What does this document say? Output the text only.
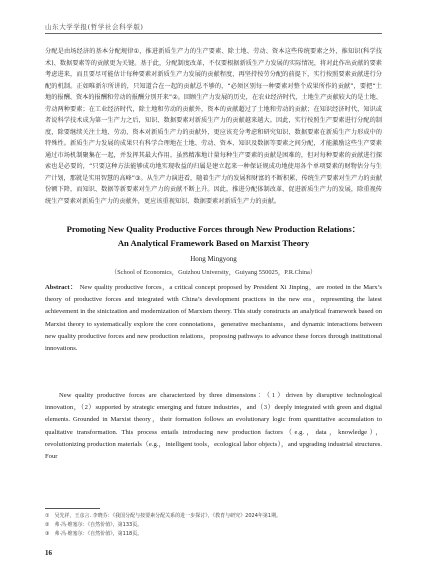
山东大学学报(哲学社会科学版)

分配是由场经济的基本分配规律①，推进新质生产力的生产要素、除土地、劳动、资本这些传统要素之外，推知识(科学技术)、数据要素等的贡献更为关键。基于此，分配制度改革，不仅要根据新质生产力发展的实际情况，将对此作出贡献的要素考虑进来，而且要尽可能估计每种要素对新质生产力发展的贡献程度，再坚持按劳分配的前提下，实行按照要素贡献进行分配的机制。正如唯新尔所讲的，只知道合在一起的贡献总不够的，“必须区别每一种要素对整个成果所作的贡献”，要把“土地的报酬、资本的报酬和劳动的报酬分别开来”②。回顾生产力发展的历史，在农业经济时代，土地生产贡献较大的是土地、劳动两种要素；在工业经济时代，除土地和劳动的贡献外，资本的贡献超过了土地和劳动的贡献；在知识经济时代，知识或者说科学技术成为第一生产力之后，知识、数据要素对新质生产力的贡献越来越大。因此，实行按照生产要素进行分配的制度，除要继续关注土地、劳动、资本对新质生产力的贡献外，更应该充分考虑和研究知识、数据要素在新质生产力形成中的特殊性。新质生产力发展的成果只有科学合理地在土地、劳动、资本、知识及数据等要素之间分配，才能激励这些生产要素通过市场机制聚集在一起，并发挥其最大作用。虽然精准地计量每种生产要素的贡献是困难的，但对每种要素的贡献进行探索也是必要的，“只要这种方法能够成功地实现收益的归属是建立起来一种保证规成功地使用各个单项要素的财物估分与生产计划，那就是实用智慧的高峰”③。从生产力演进看，随着生产力的发展和财富的不断积累，传统生产要素对生产力的贡献份额下降，而知识、数据等新要素对生产力的贡献不断上升。因此，推进分配体制改革，促进新质生产力的发展，除重视传统生产要素对新质生产力的贡献外，更应该重视知识、数据要素对新质生产力的贡献。

Promoting New Quality Productive Forces through New Production Relations：
An Analytical Framework Based on Marxist Theory
Hong Mingyong
（School of Economics，Guizhou University，Guiyang 550025，P.R.China）

Abstract： New quality productive forces，a critical concept proposed by President Xi Jinping，are rooted in the Marx’s theory of productive forces and integrated with China’s development practices in the new era，representing the latest achievement in the sinicization and modernization of Marxism theory. This study constructs an analytical framework based on Marxist theory to systematically explore the core connotations，generative mechanisms，and dynamic interactions between new quality productive forces and new production relations，proposing pathways to advance these forces through institutional innovations.

New quality productive forces are characterized by three dimensions：（1）driven by disruptive technological innovation，（2）supported by strategic emerging and future industries，and（3）deeply integrated with green and digital elements. Grounded in Marxist theory，their formation follows an evolutionary logic from quantitative accumulation to qualitative transformation. This process entails introducing new production factors（e.g.，data，knowledge），revolutionizing production materials（e.g.，intelligent tools，ecological labor objects），and upgrading industrial structures. Four

①　吴先祥，王彦言. 李晓芬：《我国分配与按要素分配关系的进一步探讨》，《教育与研究》2024年第1期。
②　弗·冯·维塞尔：《自然价值》，第133页。
③　弗·冯·维塞尔：《自然价值》，第118页。
16
